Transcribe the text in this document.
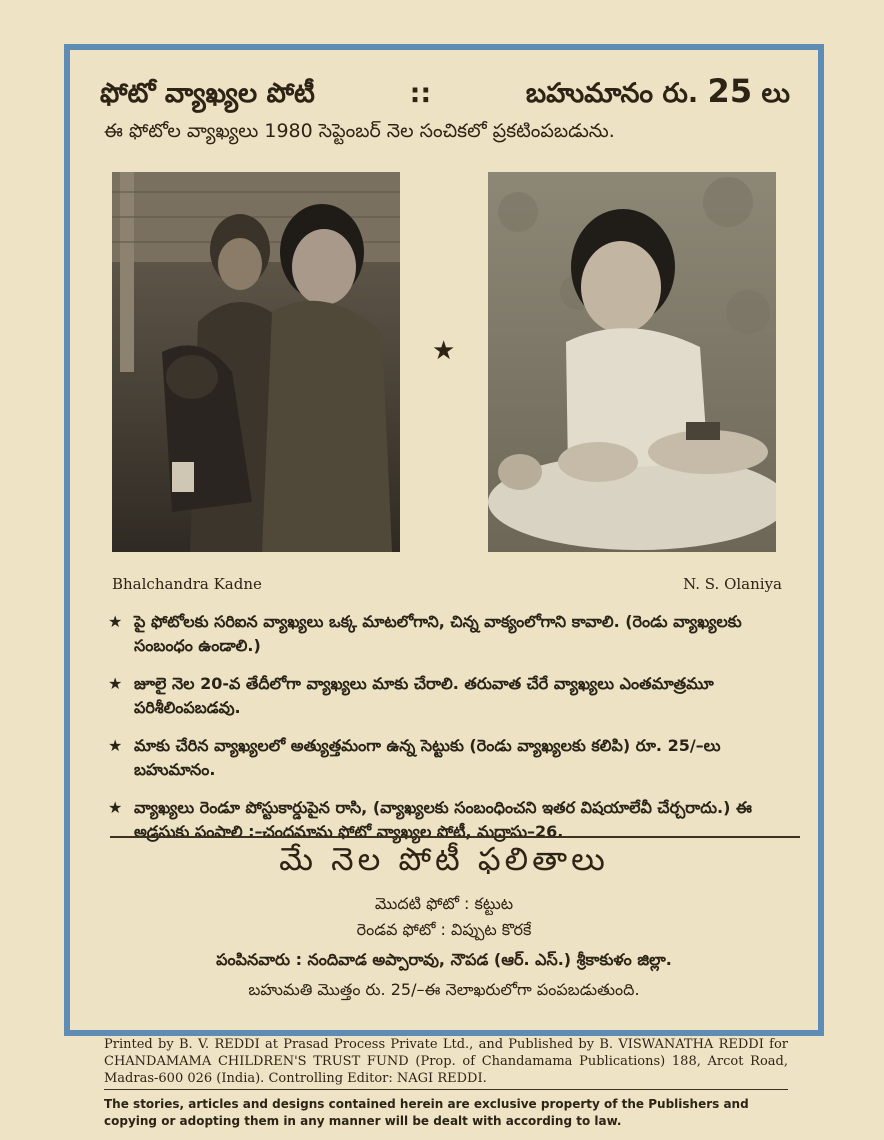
ఫోటో వ్యాఖ్యల పోటీ	::	బహుమానం రు. 25 లు
ఈ ఫోటోల వ్యాఖ్యలు 1980 సెప్టెంబర్ నెల సంచికలో ప్రకటింపబడును.
★
Bhalchandra Kadne	N. S. Olaniya
★ పై ఫోటోలకు సరిఐన వ్యాఖ్యలు ఒక్క మాటలోగాని, చిన్న వాక్యంలోగాని కావాలి. (రెండు వ్యాఖ్యలకు సంబంధం ఉండాలి.)
★ జూలై నెల 20-వ తేదీలోగా వ్యాఖ్యలు మాకు చేరాలి. తరువాత చేరే వ్యాఖ్యలు ఎంతమాత్రమూ పరిశీలింపబడవు.
★ మాకు చేరిన వ్యాఖ్యలలో అత్యుత్తమంగా ఉన్న సెట్టుకు (రెండు వ్యాఖ్యలకు కలిపి) రూ. 25/–లు బహుమానం.
★ వ్యాఖ్యలు రెండూ పోస్టుకార్డుపైన రాసి, (వ్యాఖ్యలకు సంబంధించని ఇతర విషయాలేవీ చేర్చరాదు.) ఈ అడ్రసుకు పంపాలి :–చందమామ ఫోటో వ్యాఖ్యల పోటీ, మద్రాసు–26.
మే నెల పోటీ ఫలితాలు
మొదటి ఫోటో : కట్టుట
రెండవ ఫోటో : విప్పుట కొరకే
పంపినవారు : నందివాడ అప్పారావు, నౌపడ (ఆర్. ఎస్.) శ్రీకాకుళం జిల్లా.
బహుమతి మొత్తం రు. 25/–ఈ నెలాఖరులోగా పంపబడుతుంది.
Printed by B. V. REDDI at Prasad Process Private Ltd., and Published by B. VISWANATHA REDDI for CHANDAMAMA CHILDREN'S TRUST FUND (Prop. of Chandamama Publications) 188, Arcot Road, Madras-600 026 (India). Controlling Editor: NAGI REDDI.
The stories, articles and designs contained herein are exclusive property of the Publishers and copying or adopting them in any manner will be dealt with according to law.
